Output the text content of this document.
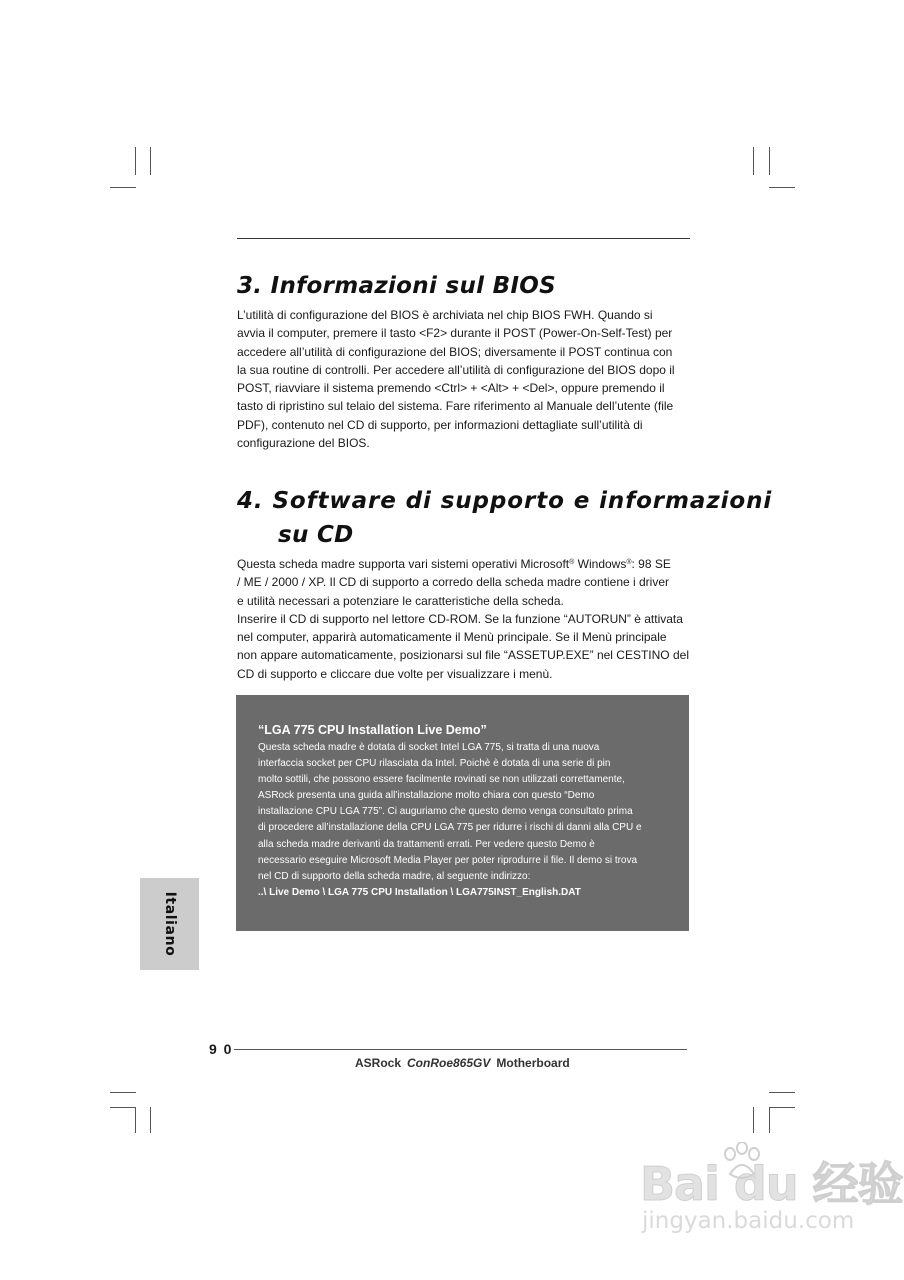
3. Informazioni sul BIOS
L’utilità di configurazione del BIOS è archiviata nel chip BIOS FWH. Quando si
avvia il computer, premere il tasto <F2> durante il POST (Power-On-Self-Test) per
accedere all’utilità di configurazione del BIOS; diversamente il POST continua con
la sua routine di controlli. Per accedere all’utilità di configurazione del BIOS dopo il
POST, riavviare il sistema premendo <Ctrl> + <Alt> + <Del>, oppure premendo il
tasto di ripristino sul telaio del sistema. Fare riferimento al Manuale dell’utente (file
PDF), contenuto nel CD di supporto, per informazioni dettagliate sull’utilità di
configurazione del BIOS.
4. Software di supporto e informazioni
su CD
Questa scheda madre supporta vari sistemi operativi Microsoft® Windows®: 98 SE
/ ME / 2000 / XP. Il CD di supporto a corredo della scheda madre contiene i driver
e utilità necessari a potenziare le caratteristiche della scheda.
Inserire il CD di supporto nel lettore CD-ROM. Se la funzione “AUTORUN” è attivata
nel computer, apparirà automaticamente il Menù principale. Se il Menù principale
non appare automaticamente, posizionarsi sul file “ASSETUP.EXE” nel CESTINO del
CD di supporto e cliccare due volte per visualizzare i menù.
“LGA 775 CPU Installation Live Demo”
Questa scheda madre è dotata di socket Intel LGA 775, si tratta di una nuova
interfaccia socket per CPU rilasciata da Intel. Poichè è dotata di una serie di pin
molto sottili, che possono essere facilmente rovinati se non utilizzati correttamente,
ASRock presenta una guida all’installazione molto chiara con questo “Demo
installazione CPU LGA 775”. Ci auguriamo che questo demo venga consultato prima
di procedere all’installazione della CPU LGA 775 per ridurre i rischi di danni alla CPU e
alla scheda madre derivanti da trattamenti errati. Per vedere questo Demo è
necessario eseguire Microsoft Media Player per poter riprodurre il file. Il demo si trova
nel CD di supporto della scheda madre, al seguente indirizzo:
..\ Live Demo \ LGA 775 CPU Installation \ LGA775INST_English.DAT
Italiano
9 0
ASRock ConRoe865GV Motherboard
Bai du 经验
jingyan.baidu.com
